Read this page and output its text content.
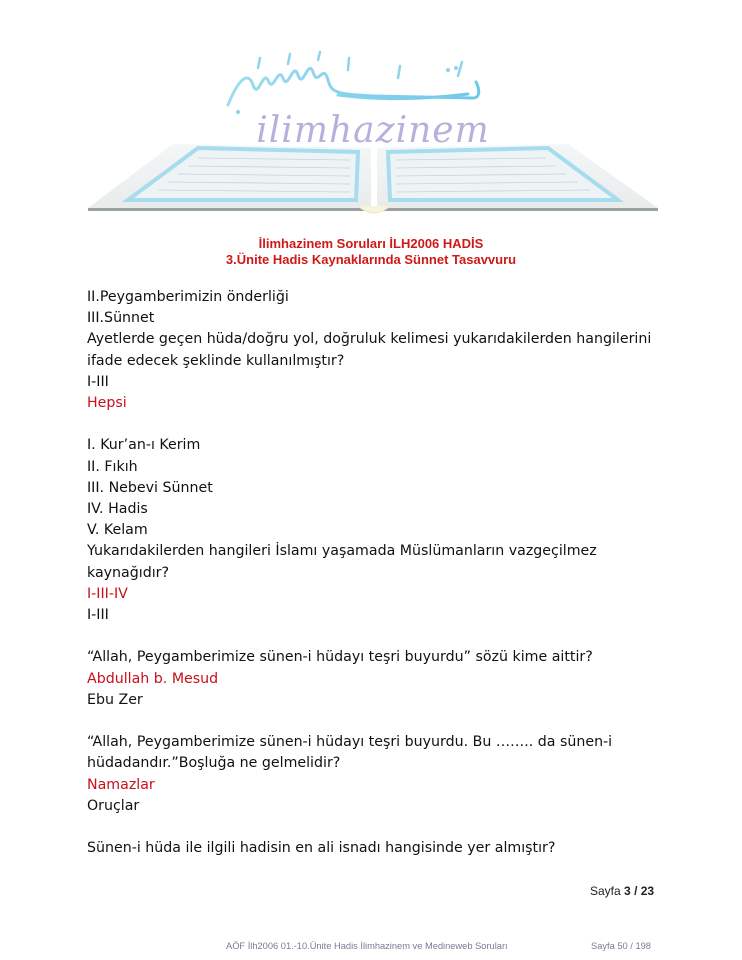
ilimhazinem
İlimhazinem Soruları İLH2006 HADİS
3.Ünite Hadis Kaynaklarında Sünnet Tasavvuru
II.Peygamberimizin önderliği
III.Sünnet
Ayetlerde geçen hüda/doğru yol, doğruluk kelimesi yukarıdakilerden hangilerini ifade edecek şeklinde kullanılmıştır?
I-III
Hepsi
I. Kur’an-ı Kerim
II. Fıkıh
III. Nebevi Sünnet
IV. Hadis
V. Kelam
Yukarıdakilerden hangileri İslamı yaşamada Müslümanların vazgeçilmez kaynağıdır?
I-III-IV
I-III
“Allah, Peygamberimize sünen-i hüdayı teşri buyurdu” sözü kime aittir?
Abdullah b. Mesud
Ebu Zer
“Allah, Peygamberimize sünen-i hüdayı teşri buyurdu. Bu …….. da sünen-i hüdadandır.”Boşluğa ne gelmelidir?
Namazlar
Oruçlar
Sünen-i hüda ile ilgili hadisin en ali isnadı hangisinde yer almıştır?
Sayfa 3 / 23
AÖF İlh2006 01.-10.Ünite Hadis İlimhazinem ve Medineweb Soruları	Sayfa 50 / 198
